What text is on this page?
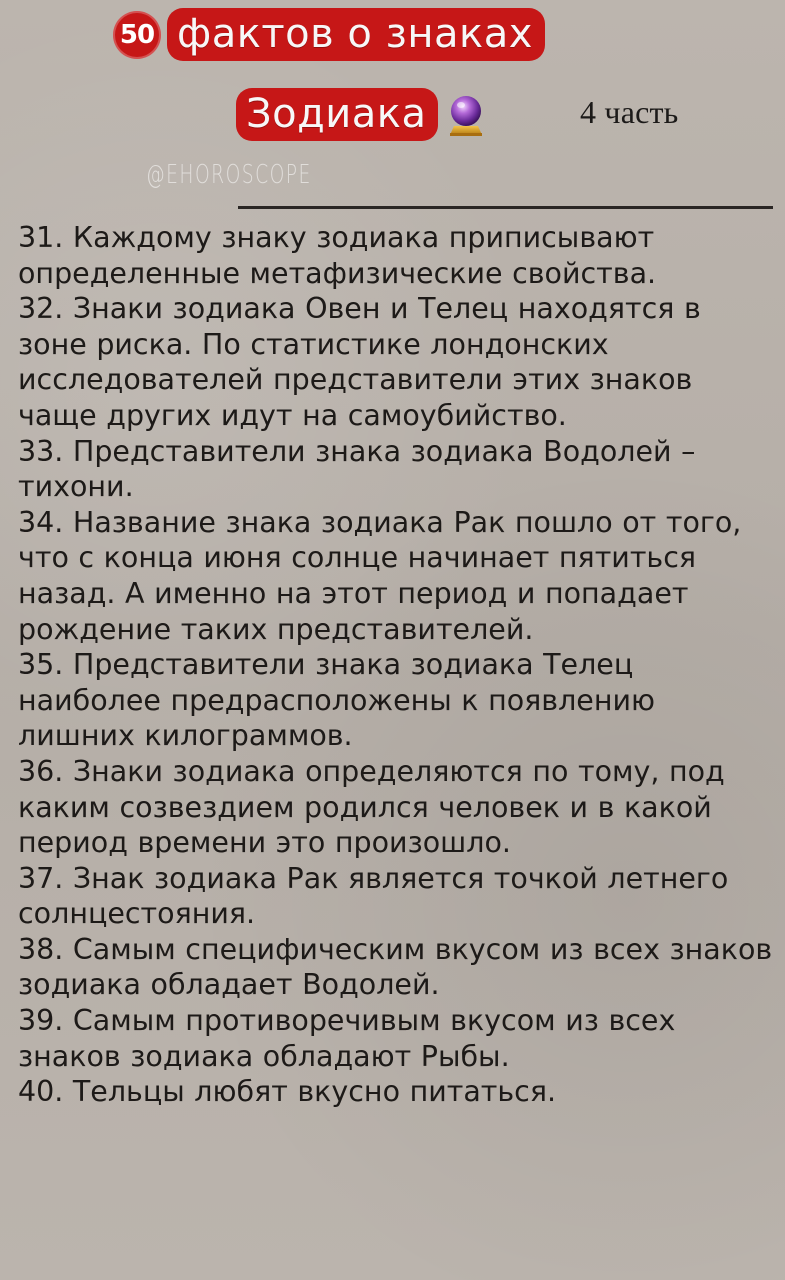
50 фактов о знаках
Зодиака	4 часть
@EHOROSCOPE
31. Каждому знаку зодиака приписывают определенные метафизические свойства.
32. Знаки зодиака Овен и Телец находятся в зоне риска. По статистике лондонских исследователей представители этих знаков чаще других идут на самоубийство.
33. Представители знака зодиака Водолей – тихони.
34. Название знака зодиака Рак пошло от того, что с конца июня солнце начинает пятиться назад. А именно на этот период и попадает рождение таких представителей.
35. Представители знака зодиака Телец наиболее предрасположены к появлению лишних килограммов.
36. Знаки зодиака определяются по тому, под каким созвездием родился человек и в какой период времени это произошло.
37. Знак зодиака Рак является точкой летнего солнцестояния.
38. Самым специфическим вкусом из всех знаков зодиака обладает Водолей.
39. Самым противоречивым вкусом из всех знаков зодиака обладают Рыбы.
40. Тельцы любят вкусно питаться.
